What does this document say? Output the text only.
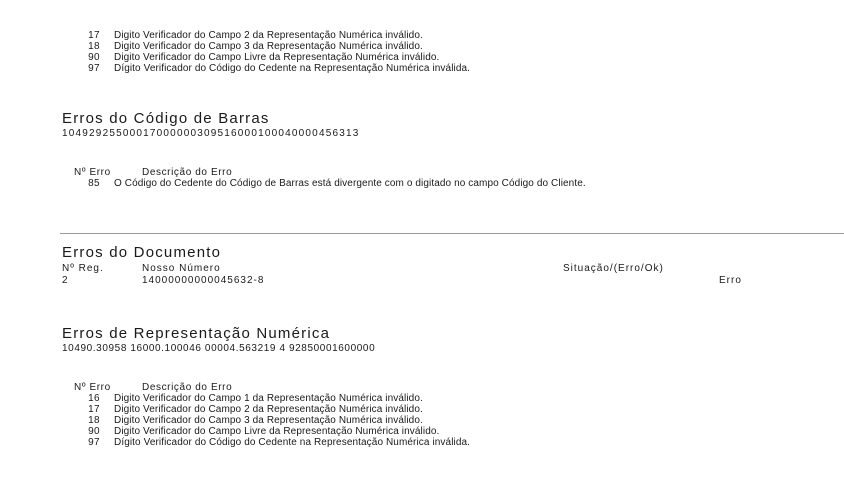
17	Digito Verificador do Campo 2 da Representação Numérica inválido.
18	Digito Verificador do Campo 3 da Representação Numérica inválido.
90	Digito Verificador do Campo Livre da Representação Numérica inválido.
97	Dígito Verificador do Código do Cedente na Representação Numérica inválida.
Erros do Código de Barras
10492925500017000000309516000100040000456313
Nº Erro	Descrição do Erro
85	O Código do Cedente do Código de Barras está divergente com o digitado no campo Código do Cliente.
Erros do Documento
Nº Reg.	Nosso Número	Situação/(Erro/Ok)
2	14000000000045632-8	Erro
Erros de Representação Numérica
10490.30958 16000.100046 00004.563219 4 92850001600000
Nº Erro	Descrição do Erro
16	Digito Verificador do Campo 1 da Representação Numérica inválido.
17	Digito Verificador do Campo 2 da Representação Numérica inválido.
18	Digito Verificador do Campo 3 da Representação Numérica inválido.
90	Digito Verificador do Campo Livre da Representação Numérica inválido.
97	Dígito Verificador do Código do Cedente na Representação Numérica inválida.
